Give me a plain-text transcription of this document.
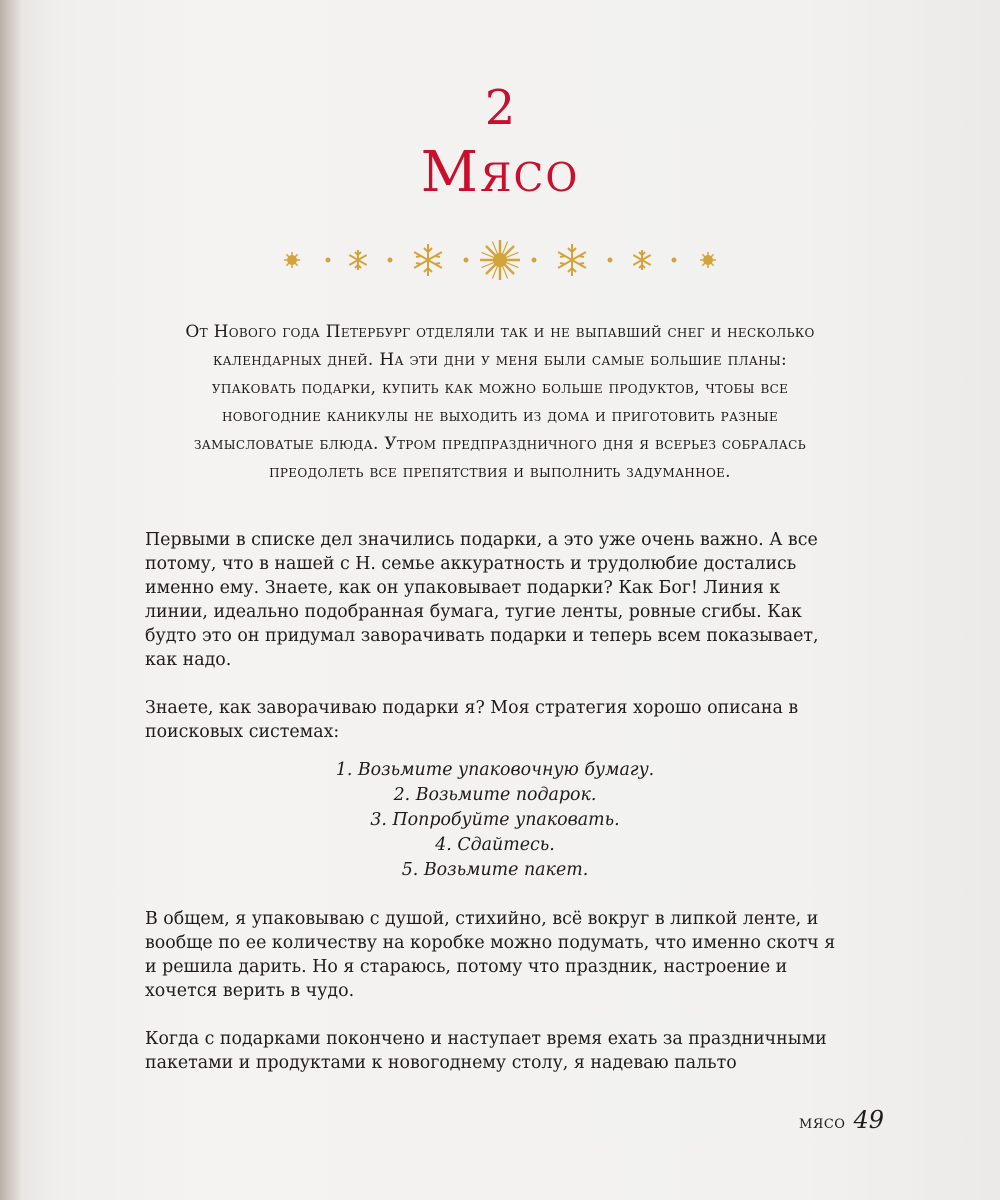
2
Мясо

От Нового года Петербург отделяли так и не выпавший снег и несколько

календарных дней. На эти дни у меня были самые большие планы:

упаковать подарки, купить как можно больше продуктов, чтобы все

новогодние каникулы не выходить из дома и приготовить разные

замысловатые блюда. Утром предпраздничного дня я всерьез собралась

преодолеть все препятствия и выполнить задуманное.

Первыми в списке дел значились подарки, а это уже очень важно. А все потому, что в нашей с Н. семье аккуратность и трудолюбие достались именно ему. Знаете, как он упаковывает подарки? Как Бог! Линия к линии, идеально подобранная бумага, тугие ленты, ровные сгибы. Как будто это он придумал заворачивать подарки и теперь всем показывает, как надо.

Знаете, как заворачиваю подарки я? Моя стратегия хорошо описана в поисковых системах:

1. Возьмите упаковочную бумагу.
2. Возьмите подарок.
3. Попробуйте упаковать.
4. Сдайтесь.
5. Возьмите пакет.

В общем, я упаковываю с душой, стихийно, всё вокруг в липкой ленте, и вообще по ее количеству на коробке можно подумать, что именно скотч я и решила дарить. Но я стараюсь, потому что праздник, настроение и хочется верить в чудо.

Когда с подарками покончено и наступает время ехать за праздничными пакетами и продуктами к новогоднему столу, я надеваю пальто

мясо 49
